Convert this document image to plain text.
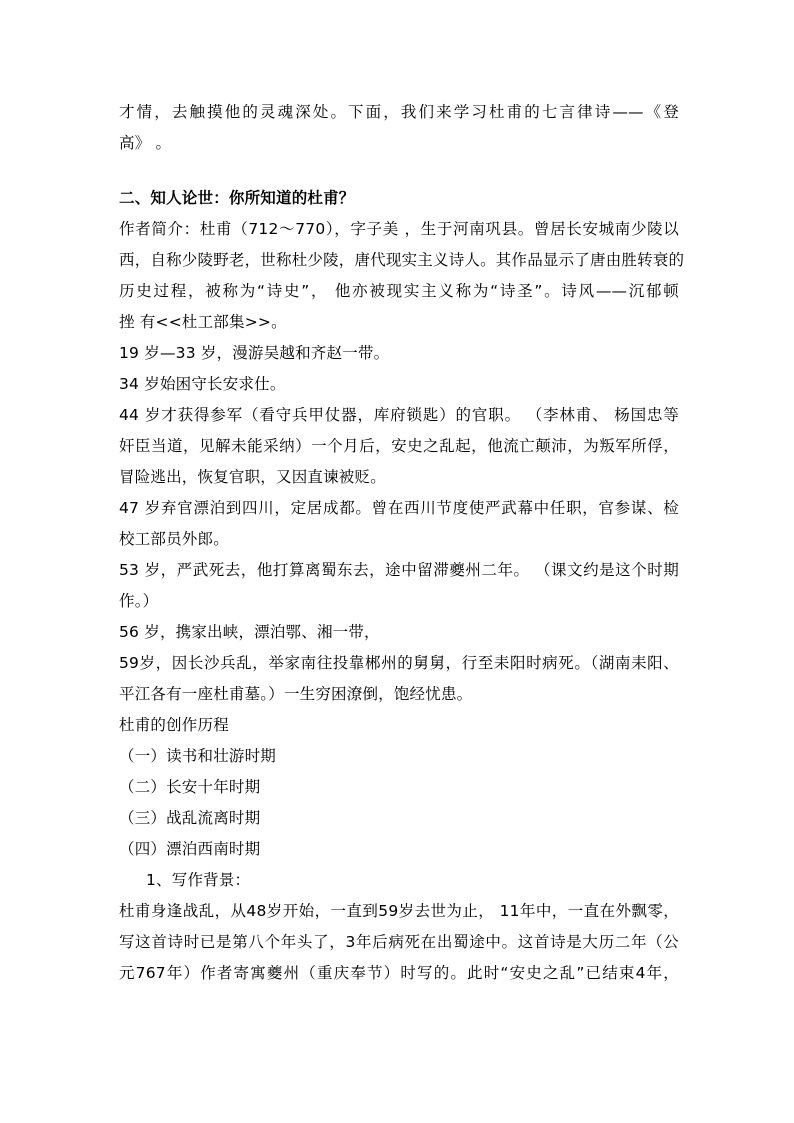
才情，去触摸他的灵魂深处。下面，我们来学习杜甫的七言律诗——《登
高》 。
二、知人论世：你所知道的杜甫？
作者简介：杜甫（712～770），字子美 ，生于河南巩县。曾居长安城南少陵以
西，自称少陵野老，世称杜少陵，唐代现实主义诗人。其作品显示了唐由胜转衰的
历史过程，被称为“诗史”， 他亦被现实主义称为“诗圣”。诗风——沉郁顿
挫 有<<杜工部集>>。
19 岁—33 岁，漫游吴越和齐赵一带。
34 岁始困守长安求仕。
44 岁才获得参军（看守兵甲仗器，库府锁匙）的官职。 （李林甫、 杨国忠等
奸臣当道，见解未能采纳）一个月后，安史之乱起，他流亡颠沛，为叛军所俘，
冒险逃出，恢复官职，又因直谏被贬。
47 岁弃官漂泊到四川，定居成都。曾在西川节度使严武幕中任职，官参谋、检
校工部员外郎。
53 岁，严武死去，他打算离蜀东去，途中留滞夔州二年。 （课文约是这个时期
作。）
56 岁，携家出峡，漂泊鄂、湘一带，
59岁，因长沙兵乱，举家南往投靠郴州的舅舅，行至耒阳时病死。（湖南耒阳、
平江各有一座杜甫墓。）一生穷困潦倒，饱经忧患。
杜甫的创作历程
（一）读书和壮游时期
（二）长安十年时期
（三）战乱流离时期
（四）漂泊西南时期
1、写作背景：
杜甫身逢战乱，从48岁开始，一直到59岁去世为止， 11年中，一直在外飘零，
写这首诗时已是第八个年头了，3年后病死在出蜀途中。这首诗是大历二年（公
元767年）作者寄寓夔州（重庆奉节）时写的。此时“安史之乱”已结束4年，
